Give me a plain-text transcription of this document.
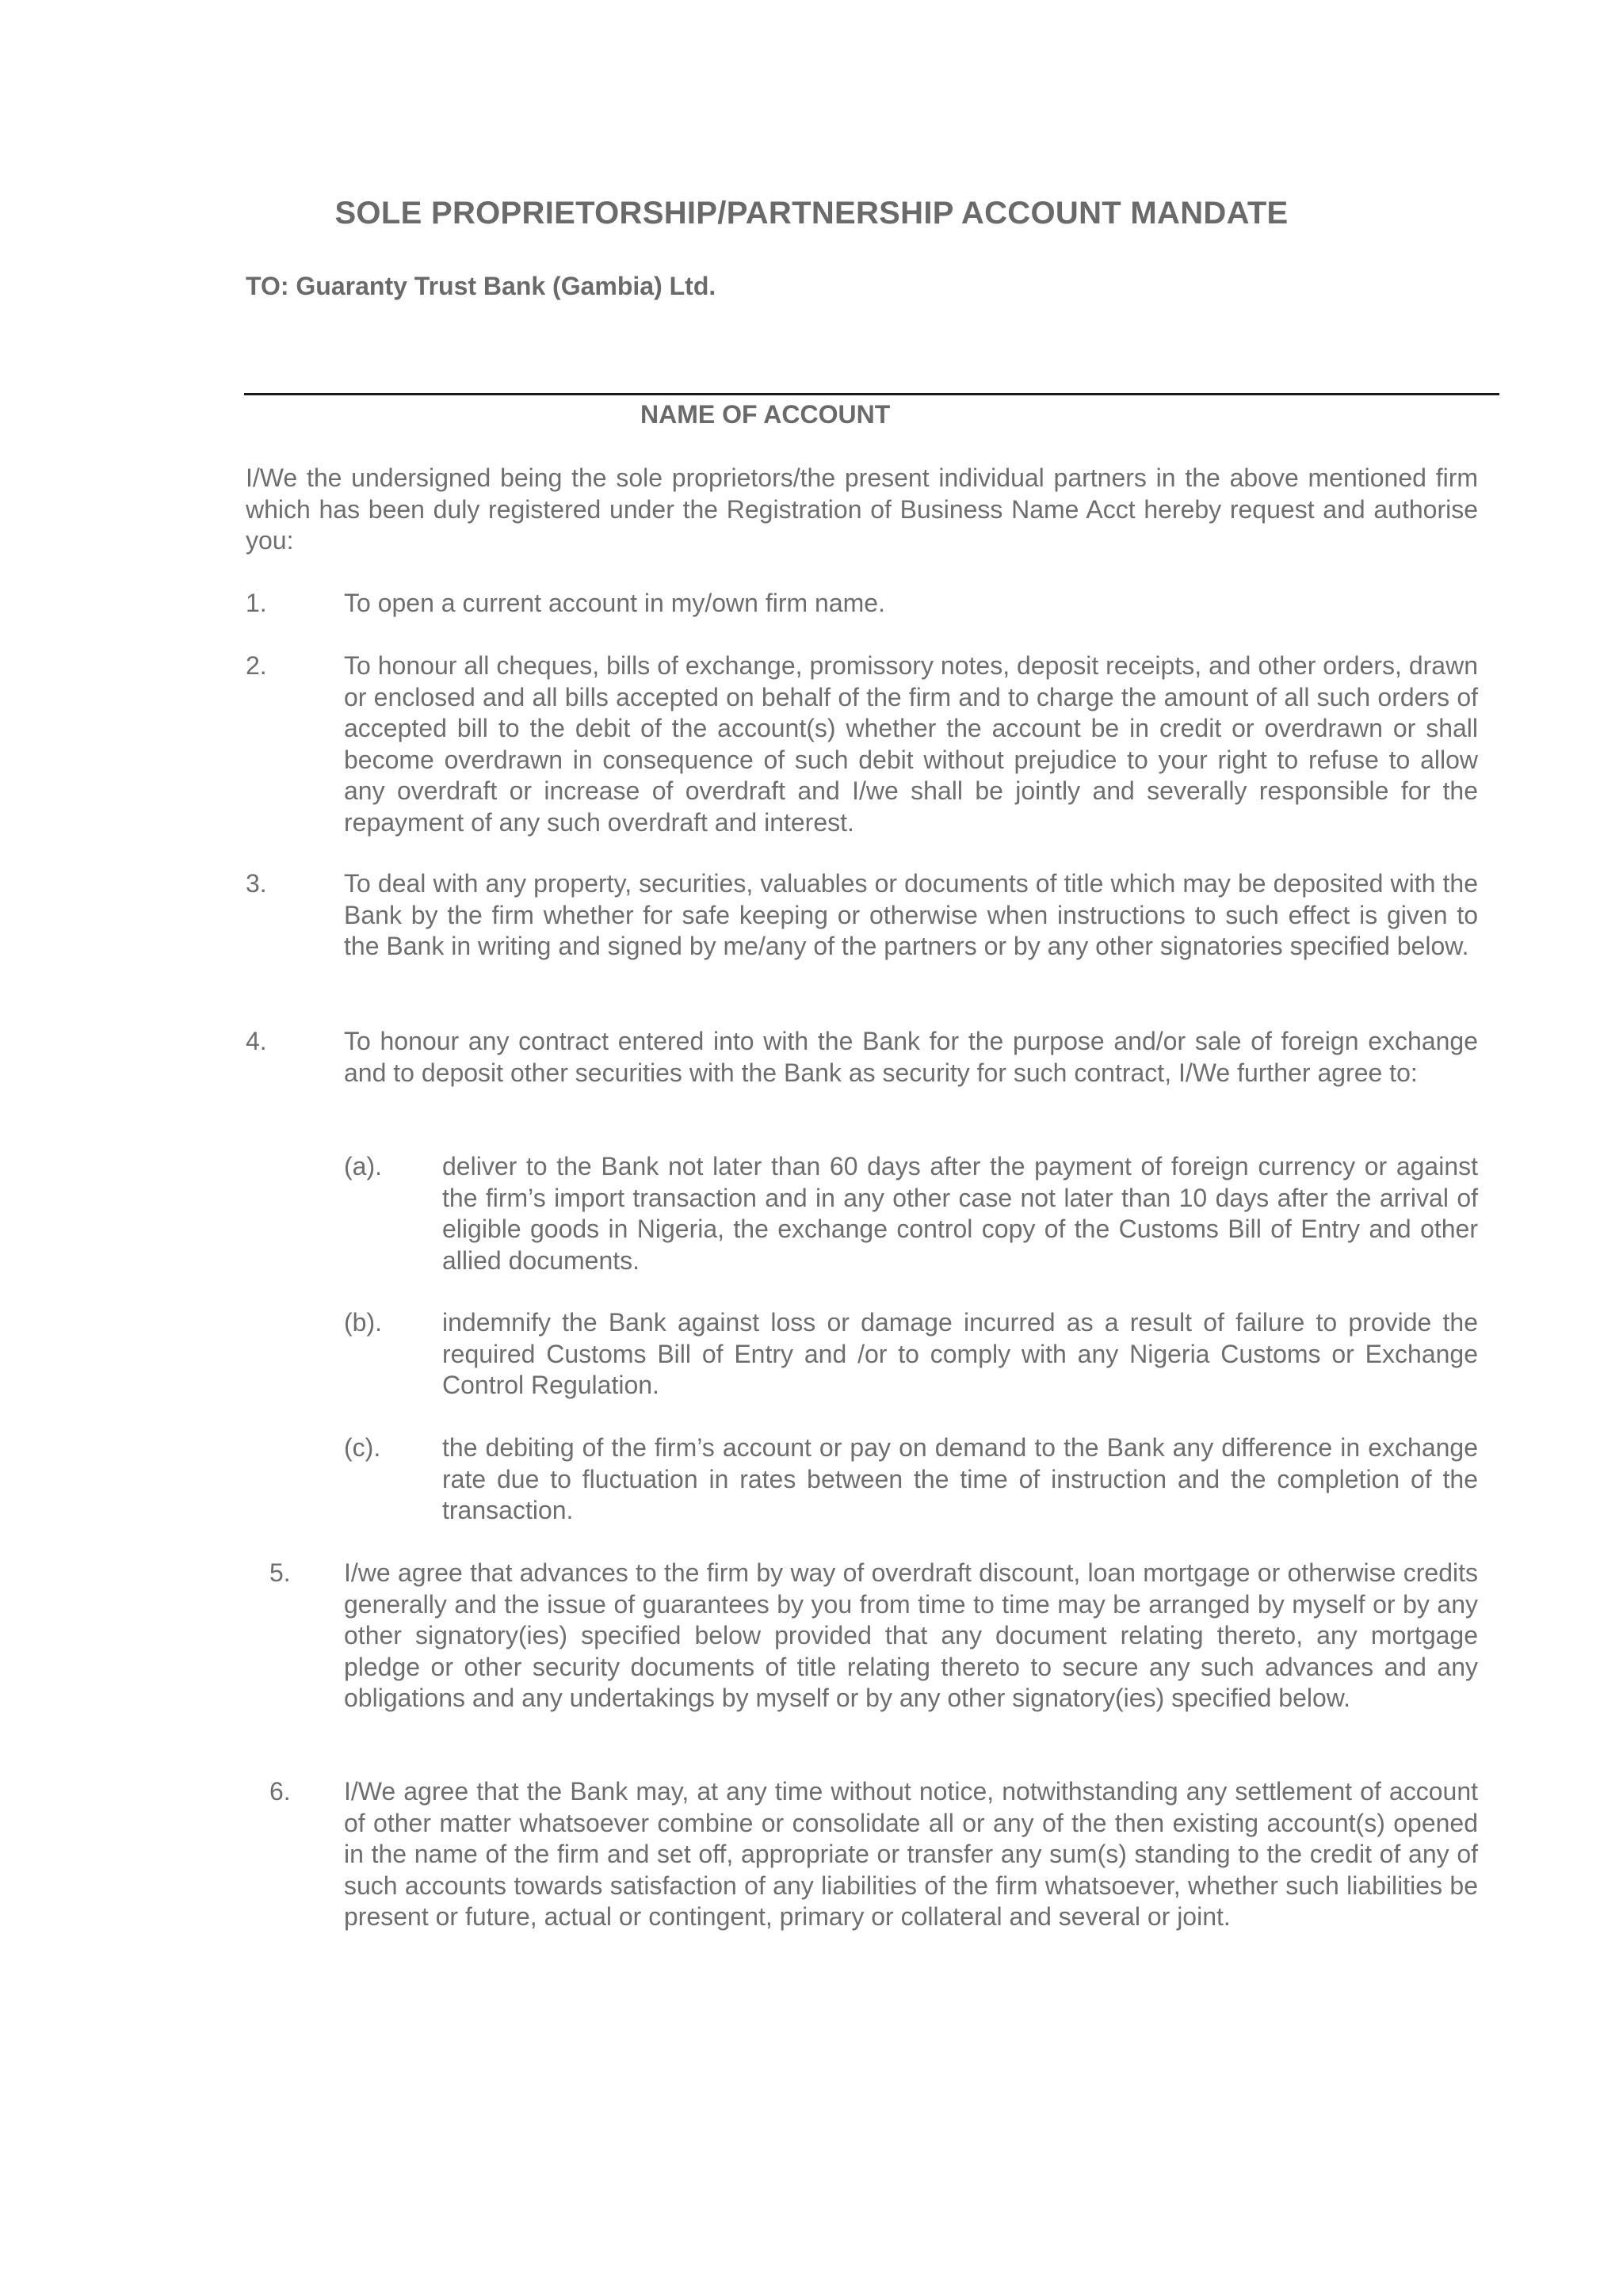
SOLE PROPRIETORSHIP/PARTNERSHIP ACCOUNT MANDATE
TO: Guaranty Trust Bank (Gambia) Ltd.
NAME OF ACCOUNT
I/We the undersigned being the sole proprietors/the present individual partners in the above mentioned firm which has been duly registered under the Registration of Business Name Acct hereby request and authorise you:
1.	To open a current account in my/own firm name.
2.	To honour all cheques, bills of exchange, promissory notes, deposit receipts, and other orders, drawn or enclosed and all bills accepted on behalf of the firm and to charge the amount of all such orders of accepted bill to the debit of the account(s) whether the account be in credit or overdrawn or shall become overdrawn in consequence of such debit without prejudice to your right to refuse to allow any overdraft or increase of overdraft and I/we shall be jointly and severally responsible for the repayment of any such overdraft and interest.
3.	To deal with any property, securities, valuables or documents of title which may be deposited with the Bank by the firm whether for safe keeping or otherwise when instructions to such effect is given to the Bank in writing and signed by me/any of the partners or by any other signatories specified below.
4.	To honour any contract entered into with the Bank for the purpose and/or sale of foreign exchange and to deposit other securities with the Bank as security for such contract, I/We further agree to:
(a). deliver to the Bank not later than 60 days after the payment of foreign currency or against the firm’s import transaction and in any other case not later than 10 days after the arrival of eligible goods in Nigeria, the exchange control copy of the Customs Bill of Entry and other allied documents.
(b). indemnify the Bank against loss or damage incurred as a result of failure to provide the required Customs Bill of Entry and /or to comply with any Nigeria Customs or Exchange Control Regulation.
(c). the debiting of the firm’s account or pay on demand to the Bank any difference in exchange rate due to fluctuation in rates between the time of instruction and the completion of the transaction.
5. I/we agree that advances to the firm by way of overdraft discount, loan mortgage or otherwise credits generally and the issue of guarantees by you from time to time may be arranged by myself or by any other signatory(ies) specified below provided that any document relating thereto, any mortgage pledge or other security documents of title relating thereto to secure any such advances and any obligations and any undertakings by myself or by any other signatory(ies) specified below.
6. I/We agree that the Bank may, at any time without notice, notwithstanding any settlement of account of other matter whatsoever combine or consolidate all or any of the then existing account(s) opened in the name of the firm and set off, appropriate or transfer any sum(s) standing to the credit of any of such accounts towards satisfaction of any liabilities of the firm whatsoever, whether such liabilities be present or future, actual or contingent, primary or collateral and several or joint.
